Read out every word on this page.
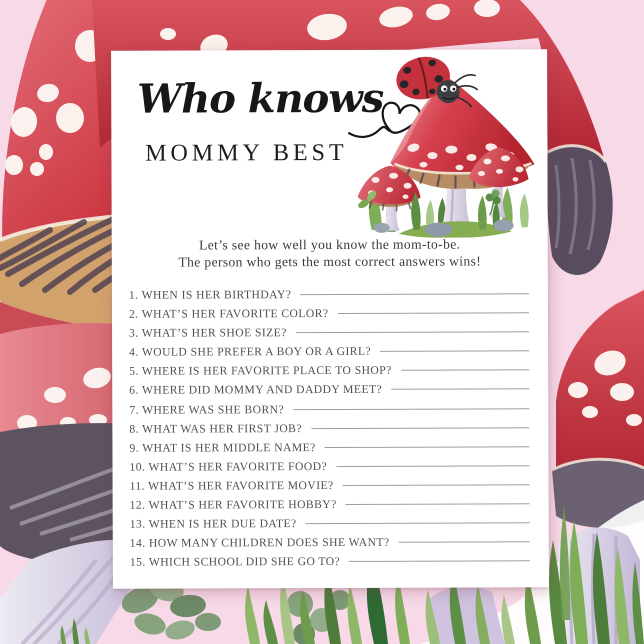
Who knows
MOMMY BEST
Let’s see how well you know the mom-to-be.
The person who gets the most correct answers wins!
1. WHEN IS HER BIRTHDAY?
2. WHAT’S HER FAVORITE COLOR?
3. WHAT’S HER SHOE SIZE?
4. WOULD SHE PREFER A BOY OR A GIRL?
5. WHERE IS HER FAVORITE PLACE TO SHOP?
6. WHERE DID MOMMY AND DADDY MEET?
7. WHERE WAS SHE BORN?
8. WHAT WAS HER FIRST JOB?
9. WHAT IS HER MIDDLE NAME?
10. WHAT’S HER FAVORITE FOOD?
11. WHAT’S HER FAVORITE MOVIE?
12. WHAT’S HER FAVORITE HOBBY?
13. WHEN IS HER DUE DATE?
14. HOW MANY CHILDREN DOES SHE WANT?
15. WHICH SCHOOL DID SHE GO TO?
